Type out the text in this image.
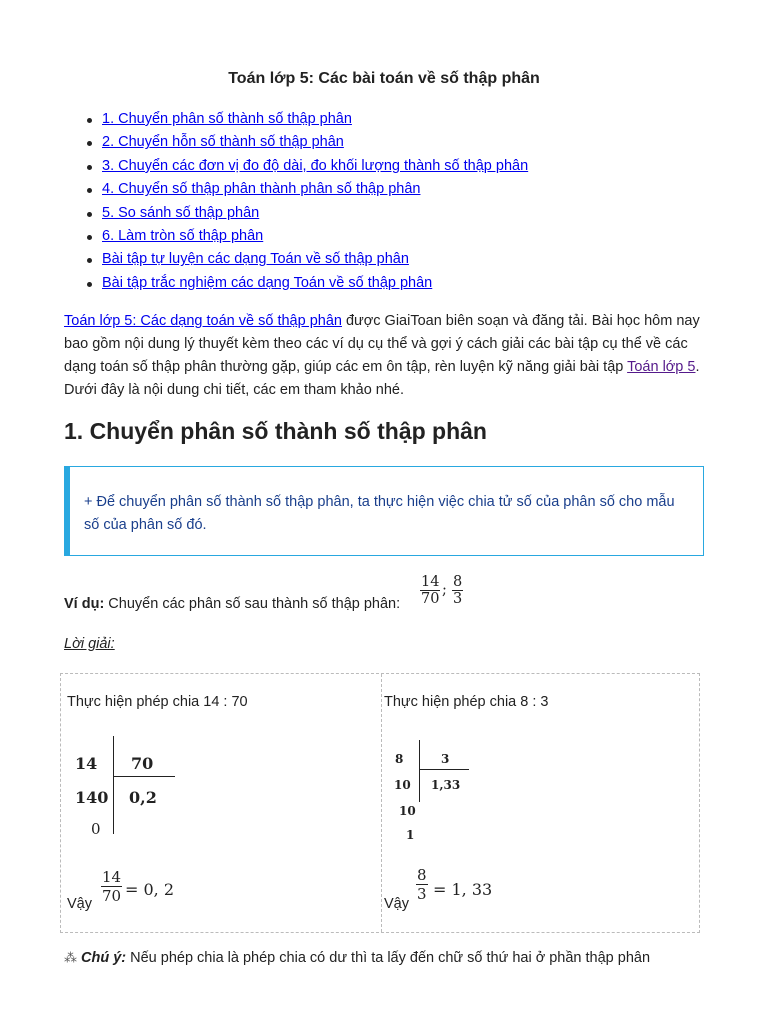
Toán lớp 5: Các bài toán về số thập phân
1. Chuyển phân số thành số thập phân
2. Chuyển hỗn số thành số thập phân
3. Chuyển các đơn vị đo độ dài, đo khối lượng thành số thập phân
4. Chuyển số thập phân thành phân số thập phân
5. So sánh số thập phân
6. Làm tròn số thập phân
Bài tập tự luyện các dạng Toán về số thập phân
Bài tập trắc nghiệm các dạng Toán về số thập phân

Toán lớp 5: Các dạng toán về số thập phân được GiaiToan biên soạn và đăng tải. Bài học hôm nay bao gồm nội dung lý thuyết kèm theo các ví dụ cụ thể và gợi ý cách giải các bài tập cụ thể về các dạng toán số thập phân thường gặp, giúp các em ôn tập, rèn luyện kỹ năng giải bài tập Toán lớp 5. Dưới đây là nội dung chi tiết, các em tham khảo nhé.

1. Chuyển phân số thành số thập phân
+ Để chuyển phân số thành số thập phân, ta thực hiện việc chia tử số của phân số cho mẫu số của phân số đó.
Ví dụ: Chuyển các phân số sau thành số thập phân: $\frac{14}{70}$ ; $\frac{8}{3}$
Lời giải:
Thực hiện phép chia 14 : 70
14 70
140 0,2
0
Vậy $\frac{14}{70} = 0$, 2
Thực hiện phép chia 8 : 3
8	3
10 1,33
10
1
Vậy
$\frac{8}{3} = 1$, 33
⁂ Chú ý: Nếu phép chia là phép chia có dư thì ta lấy đến chữ số thứ hai ở phần thập phân
